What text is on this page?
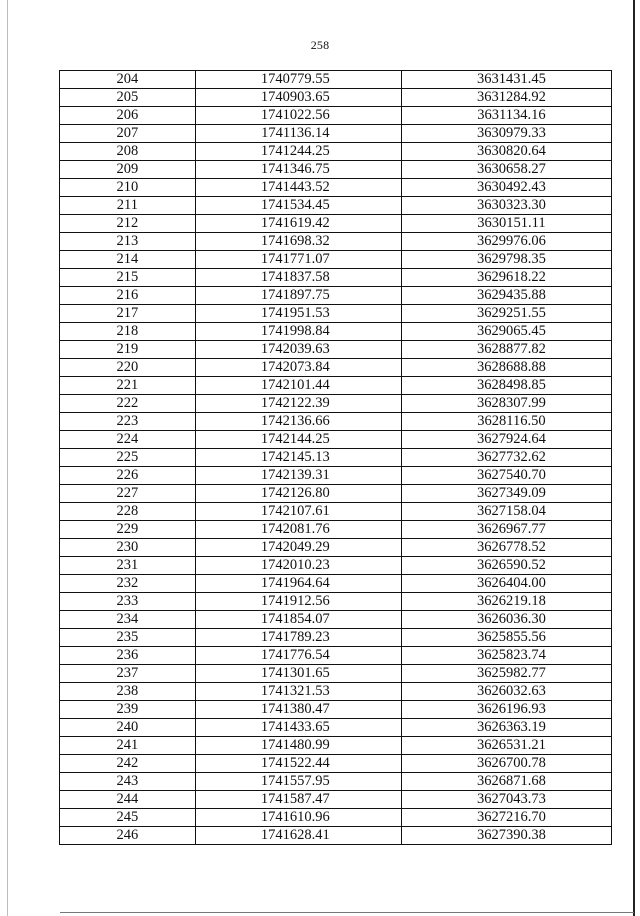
258
204	1740779.55	3631431.45
205	1740903.65	3631284.92
206	1741022.56	3631134.16
207	1741136.14	3630979.33
208	1741244.25	3630820.64
209	1741346.75	3630658.27
210	1741443.52	3630492.43
211	1741534.45	3630323.30
212	1741619.42	3630151.11
213	1741698.32	3629976.06
214	1741771.07	3629798.35
215	1741837.58	3629618.22
216	1741897.75	3629435.88
217	1741951.53	3629251.55
218	1741998.84	3629065.45
219	1742039.63	3628877.82
220	1742073.84	3628688.88
221	1742101.44	3628498.85
222	1742122.39	3628307.99
223	1742136.66	3628116.50
224	1742144.25	3627924.64
225	1742145.13	3627732.62
226	1742139.31	3627540.70
227	1742126.80	3627349.09
228	1742107.61	3627158.04
229	1742081.76	3626967.77
230	1742049.29	3626778.52
231	1742010.23	3626590.52
232	1741964.64	3626404.00
233	1741912.56	3626219.18
234	1741854.07	3626036.30
235	1741789.23	3625855.56
236	1741776.54	3625823.74
237	1741301.65	3625982.77
238	1741321.53	3626032.63
239	1741380.47	3626196.93
240	1741433.65	3626363.19
241	1741480.99	3626531.21
242	1741522.44	3626700.78
243	1741557.95	3626871.68
244	1741587.47	3627043.73
245	1741610.96	3627216.70
246	1741628.41	3627390.38
